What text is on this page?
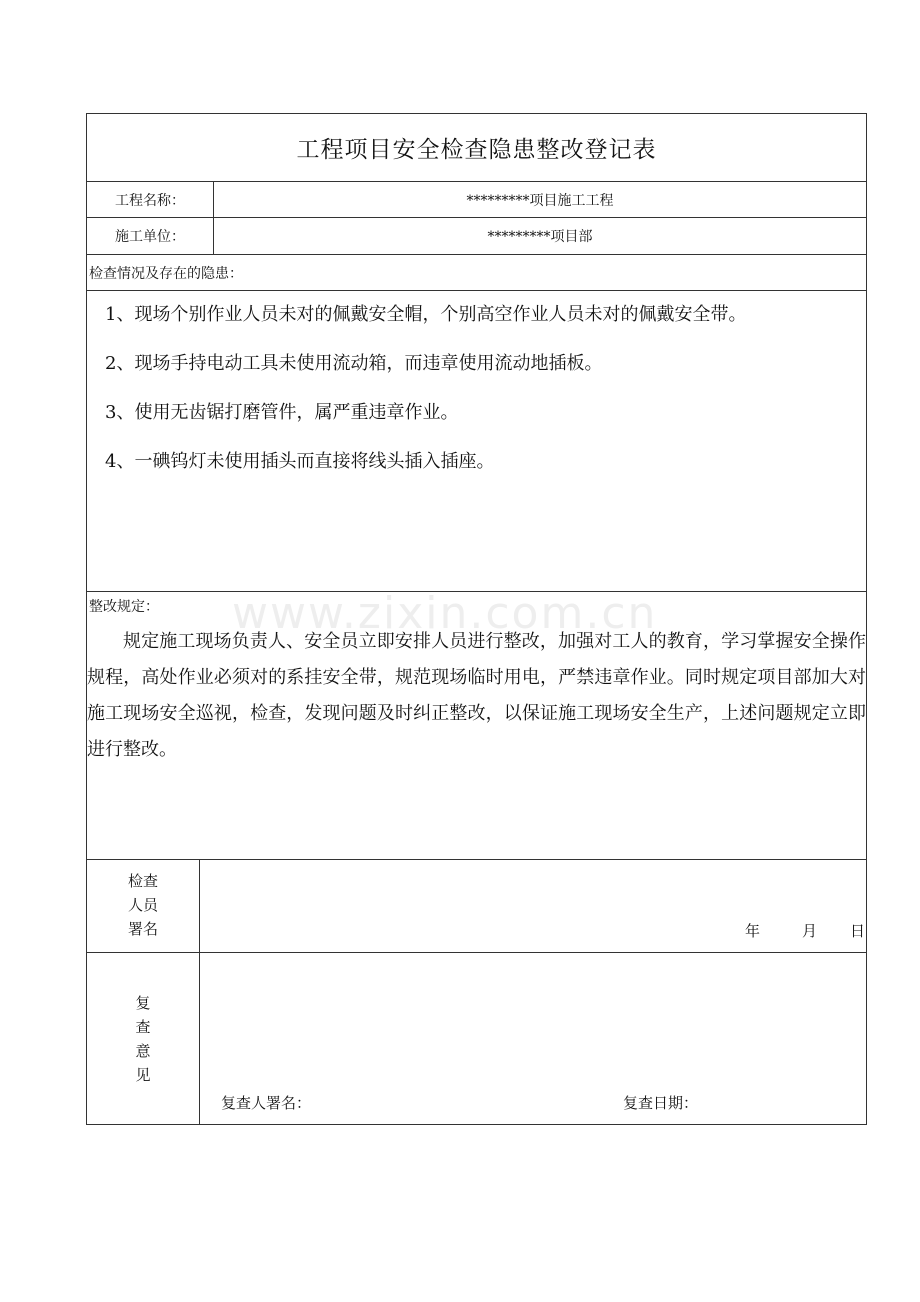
工程项目安全检查隐患整改登记表
工程名称：	*********项目施工工程
施工单位：	*********项目部
检查情况及存在的隐患：
1、现场个别作业人员未对的佩戴安全帽，个别高空作业人员未对的佩戴安全带。
2、现场手持电动工具未使用流动箱，而违章使用流动地插板。
3、使用无齿锯打磨管件，属严重违章作业。
4、一碘钨灯未使用插头而直接将线头插入插座。
整改规定：

规定施工现场负责人、安全员立即安排人员进行整改，加强对工人的教育，学习掌握安全操作规程，高处作业必须对的系挂安全带，规范现场临时用电，严禁违章作业。同时规定项目部加大对施工现场安全巡视，检查，发现问题及时纠正整改，以保证施工现场安全生产，上述问题规定立即进行整改。

检查
人员
署名	年	月 日
复
查
意
见
复查人署名：	复查日期：
www.zixin.com.cn
